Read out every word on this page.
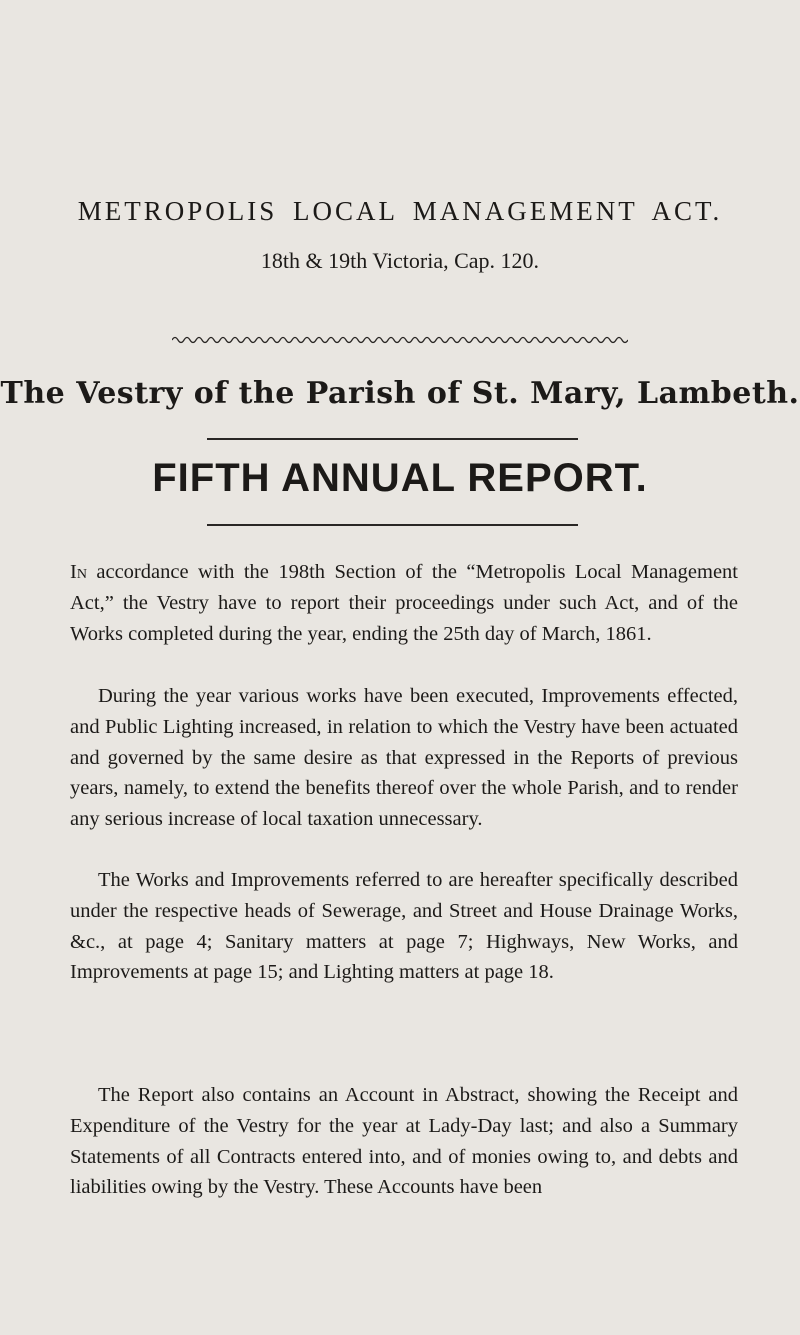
METROPOLIS LOCAL MANAGEMENT ACT.
18th & 19th Victoria, Cap. 120.
The Vestry of the Parish of St. Mary, Lambeth.
FIFTH ANNUAL REPORT.

In accordance with the 198th Section of the “Metropolis Local Management Act,” the Vestry have to report their proceedings under such Act, and of the Works completed during the year, ending the 25th day of March, 1861.

During the year various works have been executed, Improvements effected, and Public Lighting increased, in relation to which the Vestry have been actuated and governed by the same desire as that expressed in the Reports of previous years, namely, to extend the benefits thereof over the whole Parish, and to render any serious increase of local taxation unnecessary.

The Works and Improvements referred to are hereafter specifically described under the respective heads of Sewerage, and Street and House Drainage Works, &c., at page 4; Sanitary matters at page 7; Highways, New Works, and Improvements at page 15; and Lighting matters at page 18.

The Report also contains an Account in Abstract, showing the Receipt and Expenditure of the Vestry for the year at Lady-Day last; and also a Summary Statements of all Contracts entered into, and of monies owing to, and debts and liabilities owing by the Vestry. These Accounts have been
